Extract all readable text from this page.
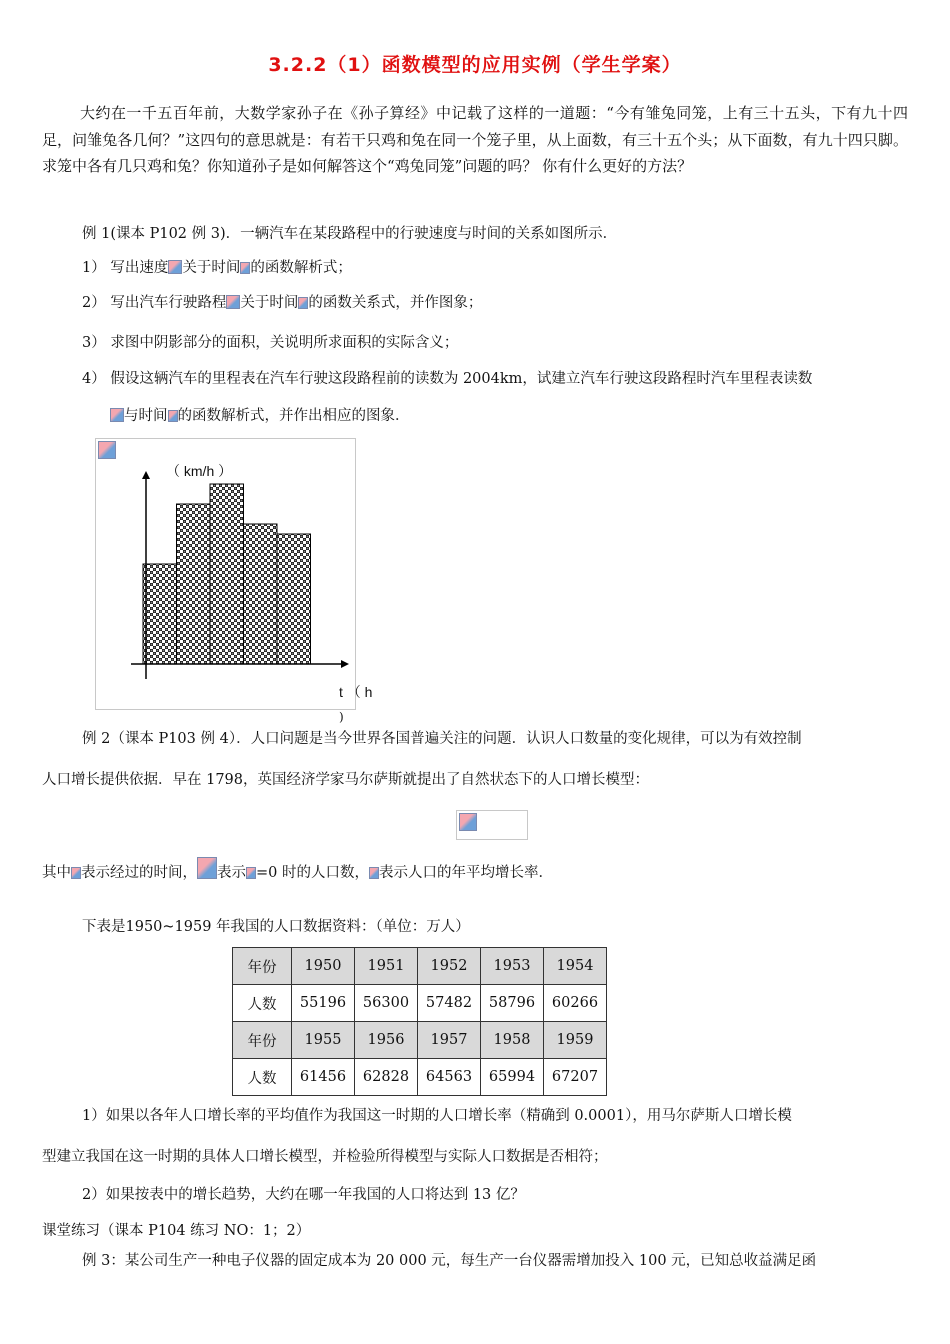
3.2.2（1）函数模型的应用实例（学生学案）
大约在一千五百年前，大数学家孙子在《孙子算经》中记载了这样的一道题：“今有雏兔同笼，上有三十五头，下有九十四足，问雏兔各几何？”这四句的意思就是：有若干只鸡和兔在同一个笼子里，从上面数，有三十五个头；从下面数，有九十四只脚。求笼中各有几只鸡和兔？你知道孙子是如何解答这个“鸡兔同笼”问题的吗？ 你有什么更好的方法？
例 1(课本 P102 例 3)．一辆汽车在某段路程中的行驶速度与时间的关系如图所示．
1） 写出速度 关于时间 的函数解析式；
2） 写出汽车行驶路程 关于时间 的函数关系式，并作图象；
3） 求图中阴影部分的面积，关说明所求面积的实际含义；
4） 假设这辆汽车的里程表在汽车行驶这段路程前的读数为 2004km，试建立汽车行驶这段路程时汽车里程表读数
与时间 的函数解析式，并作出相应的图象．
（ km/h ）
t （ h
)
例 2（课本 P103 例 4）．人口问题是当今世界各国普遍关注的问题．认识人口数量的变化规律，可以为有效控制
人口增长提供依据．早在 1798，英国经济学家马尔萨斯就提出了自然状态下的人口增长模型：
其中 表示经过的时间， 表示 =0 时的人口数， 表示人口的年平均增长率．
下表是1950~1959 年我国的人口数据资料：（单位：万人）
年份	1950	1951	1952	1953	1954
人数	55196	56300	57482	58796	60266
年份	1955	1956	1957	1958	1959
人数	61456	62828	64563	65994	67207
1）如果以各年人口增长率的平均值作为我国这一时期的人口增长率（精确到 0.0001），用马尔萨斯人口增长模
型建立我国在这一时期的具体人口增长模型，并检验所得模型与实际人口数据是否相符；
2）如果按表中的增长趋势，大约在哪一年我国的人口将达到 13 亿？
课堂练习（课本 P104 练习 NO：1；2）
例 3：某公司生产一种电子仪器的固定成本为 20 000 元，每生产一台仪器需增加投入 100 元，已知总收益满足函
